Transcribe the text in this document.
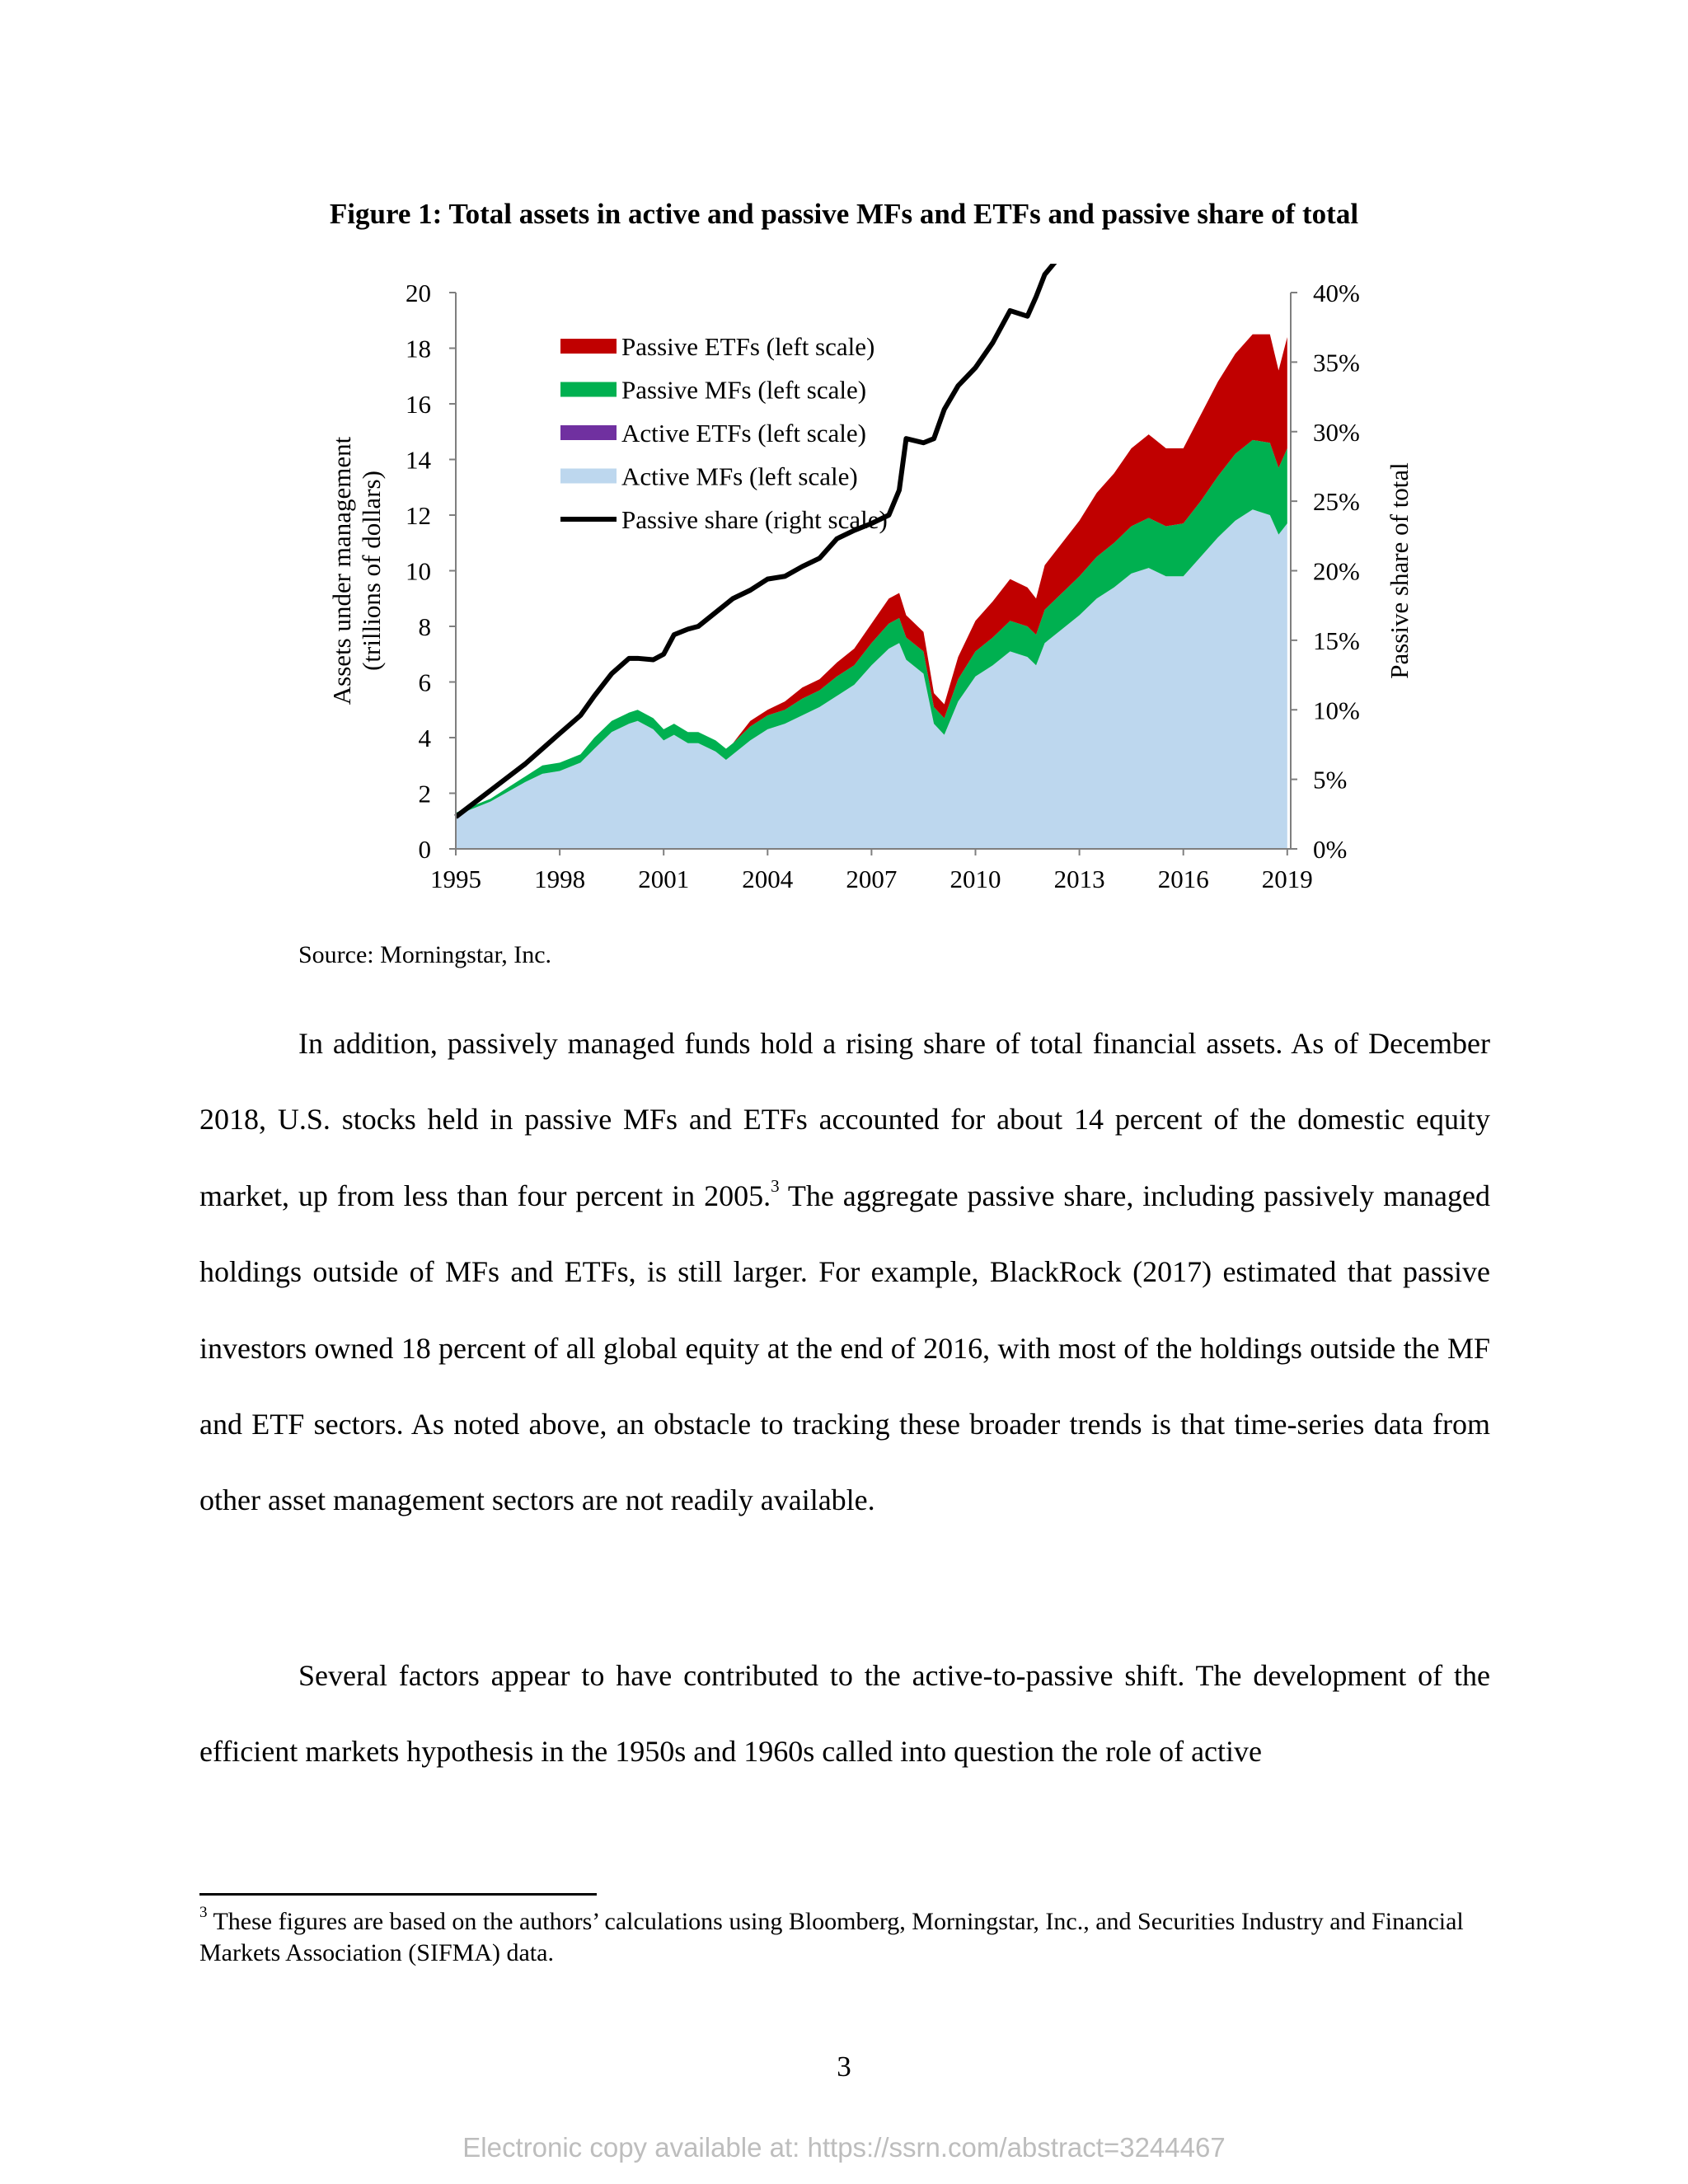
Figure 1: Total assets in active and passive MFs and ETFs and passive share of total
0
2
4
6
8
10
12
14
16
18
20
0%
5%
10%
15%
20%
25%
30%
35%
40%
1995 1998 2001 2004 2007 2010 2013 2016 2019
Assets under management(trillions of dollars)	Passive share of total
Passive ETFs (left scale)
Passive MFs (left scale)
Active ETFs (left scale)
Active MFs (left scale)
Passive share (right scale)
Source: Morningstar, Inc.
In addition, passively managed funds hold a rising share of total financial assets. As of December 2018, U.S. stocks held in passive MFs and ETFs accounted for about 14 percent of the domestic equity market, up from less than four percent in 2005.$^3$ The aggregate passive share, including passively managed holdings outside of MFs and ETFs, is still larger. For example, BlackRock (2017) estimated that passive investors owned 18 percent of all global equity at the end of 2016, with most of the holdings outside the MF and ETF sectors. As noted above, an obstacle to tracking these broader trends is that time-series data from other asset management sectors are not readily available.
Several factors appear to have contributed to the active-to-passive shift. The development of the efficient markets hypothesis in the 1950s and 1960s called into question the role of active
$^3$ These figures are based on the authors’ calculations using Bloomberg, Morningstar, Inc., and Securities Industry and Financial Markets Association (SIFMA) data.
3
Electronic copy available at: https://ssrn.com/abstract=3244467
